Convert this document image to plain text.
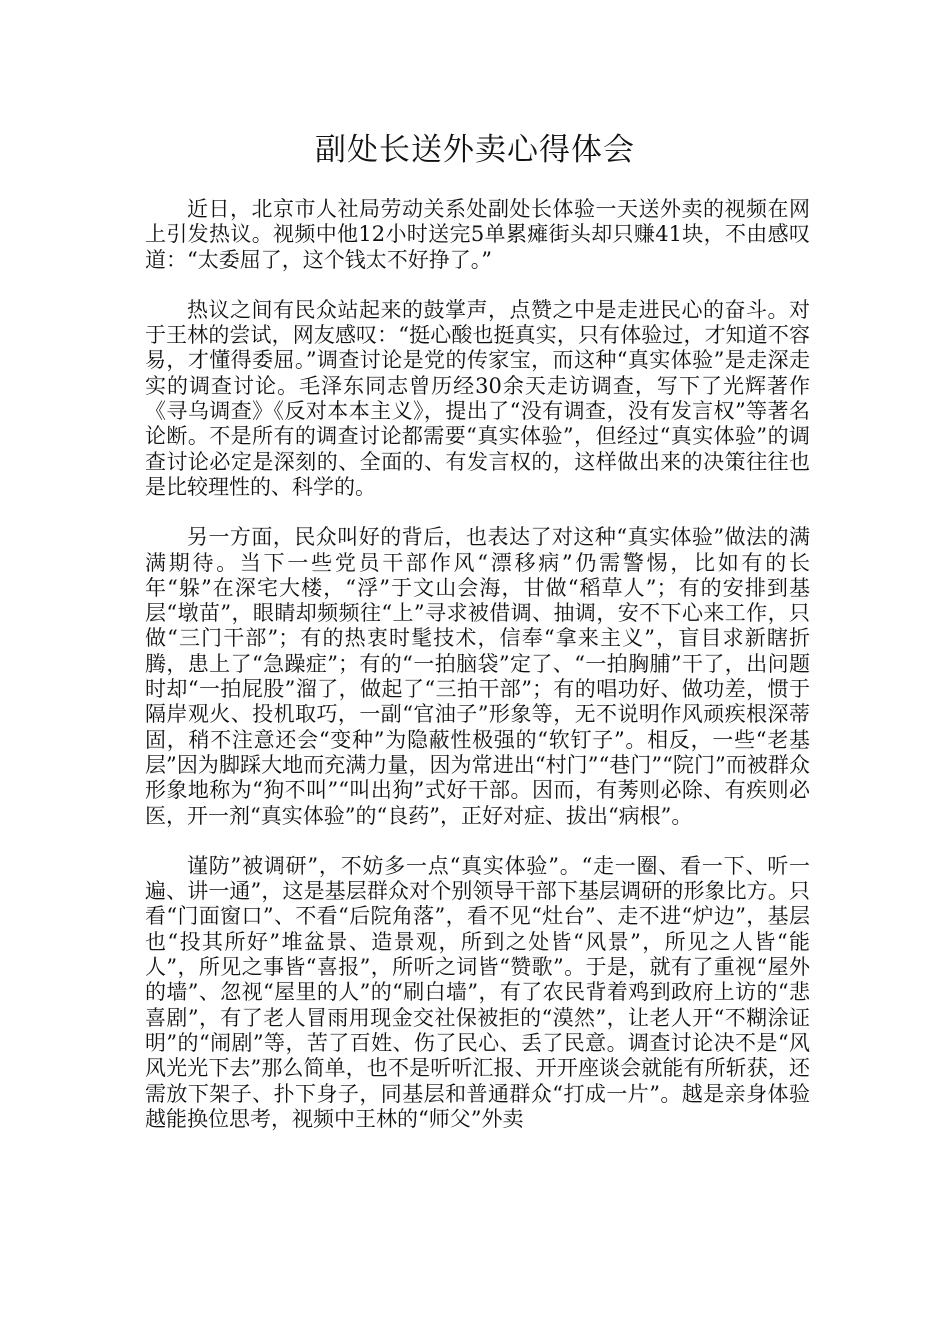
副处长送外卖心得体会

近日，北京市人社局劳动关系处副处长体验一天送外卖的视频在网上引发热议。视频中他12小时送完5单累瘫街头却只赚41块，不由感叹道：“太委屈了，这个钱太不好挣了。”

热议之间有民众站起来的鼓掌声，点赞之中是走进民心的奋斗。对于王林的尝试，网友感叹：“挺心酸也挺真实，只有体验过，才知道不容易，才懂得委屈。”调查讨论是党的传家宝，而这种“真实体验”是走深走实的调查讨论。毛泽东同志曾历经30余天走访调查，写下了光辉著作《寻乌调查》《反对本本主义》，提出了“没有调查，没有发言权”等著名论断。不是所有的调查讨论都需要“真实体验”，但经过“真实体验”的调查讨论必定是深刻的、全面的、有发言权的，这样做出来的决策往往也是比较理性的、科学的。

另一方面，民众叫好的背后，也表达了对这种“真实体验”做法的满满期待。当下一些党员干部作风“漂移病”仍需警惕，比如有的长年“躲”在深宅大楼，“浮”于文山会海，甘做“稻草人”；有的安排到基层“墩苗”，眼睛却频频往“上”寻求被借调、抽调，安不下心来工作，只做“三门干部”；有的热衷时髦技术，信奉“拿来主义”，盲目求新瞎折腾，患上了“急躁症”；有的“一拍脑袋”定了、“一拍胸脯”干了，出问题时却“一拍屁股”溜了，做起了“三拍干部”；有的唱功好、做功差，惯于隔岸观火、投机取巧，一副“官油子”形象等，无不说明作风顽疾根深蒂固，稍不注意还会“变种”为隐蔽性极强的“软钉子”。相反，一些“老基层”因为脚踩大地而充满力量，因为常进出“村门”“巷门”“院门”而被群众形象地称为“狗不叫”“叫出狗”式好干部。因而，有莠则必除、有疾则必医，开一剂“真实体验”的“良药”，正好对症、拔出“病根”。

谨防”被调研”，不妨多一点“真实体验”。“走一圈、看一下、听一遍、讲一通”，这是基层群众对个别领导干部下基层调研的形象比方。只看“门面窗口”、不看“后院角落”，看不见“灶台”、走不进“炉边”，基层也“投其所好”堆盆景、造景观，所到之处皆“风景”，所见之人皆“能人”，所见之事皆“喜报”，所听之词皆“赞歌”。于是，就有了重视“屋外的墙”、忽视“屋里的人”的“刷白墙”，有了农民背着鸡到政府上访的“悲喜剧”，有了老人冒雨用现金交社保被拒的“漠然”，让老人开“不糊涂证明”的“闹剧”等，苦了百姓、伤了民心、丢了民意。调查讨论决不是“风风光光下去”那么简单，也不是听听汇报、开开座谈会就能有所斩获，还需放下架子、扑下身子，同基层和普通群众“打成一片”。越是亲身体验越能换位思考，视频中王林的“师父”外卖
